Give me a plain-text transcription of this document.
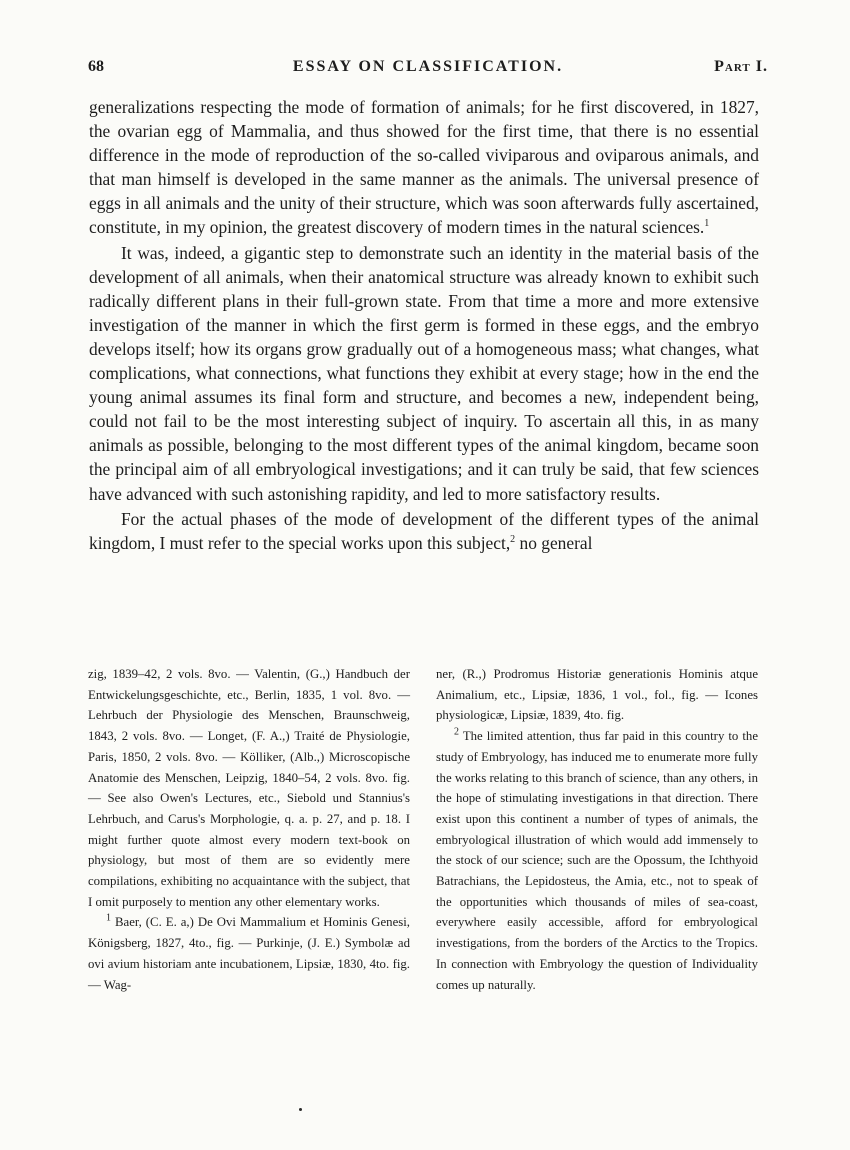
68	ESSAY ON CLASSIFICATION.	Part I.

generalizations respecting the mode of formation of animals; for he first discovered, in 1827, the ovarian egg of Mammalia, and thus showed for the first time, that there is no essential difference in the mode of reproduction of the so-called viviparous and oviparous animals, and that man himself is developed in the same manner as the animals. The universal presence of eggs in all animals and the unity of their structure, which was soon afterwards fully ascertained, constitute, in my opinion, the greatest discovery of modern times in the natural sciences.$^1$

It was, indeed, a gigantic step to demonstrate such an identity in the material basis of the development of all animals, when their anatomical structure was already known to exhibit such radically different plans in their full-grown state. From that time a more and more extensive investigation of the manner in which the first germ is formed in these eggs, and the embryo develops itself; how its organs grow gradually out of a homogeneous mass; what changes, what complications, what connections, what functions they exhibit at every stage; how in the end the young animal assumes its final form and structure, and becomes a new, independent being, could not fail to be the most interesting subject of inquiry. To ascertain all this, in as many animals as possible, belonging to the most different types of the animal kingdom, became soon the principal aim of all embryological investigations; and it can truly be said, that few sciences have advanced with such astonishing rapidity, and led to more satisfactory results.

For the actual phases of the mode of development of the different types of the animal kingdom, I must refer to the special works upon this subject,$^2$ no general

zig, 1839–42, 2 vols. 8vo. — Valentin, (G.,) Handbuch der Entwickelungsgeschichte, etc., Berlin, 1835, 1 vol. 8vo. — Lehrbuch der Physiologie des Menschen, Braunschweig, 1843, 2 vols. 8vo. — Longet, (F. A.,) Traité de Physiologie, Paris, 1850, 2 vols. 8vo. — Kölliker, (Alb.,) Microscopische Anatomie des Menschen, Leipzig, 1840–54, 2 vols. 8vo. fig. — See also Owen's Lectures, etc., Siebold und Stannius's Lehrbuch, and Carus's Morphologie, q. a. p. 27, and p. 18. I might further quote almost every modern text-book on physiology, but most of them are so evidently mere compilations, exhibiting no acquaintance with the subject, that I omit purposely to mention any other elementary works.

$^1$ Baer, (C. E. a,) De Ovi Mammalium et Hominis Genesi, Königsberg, 1827, 4to., fig. — Purkinje, (J. E.) Symbolæ ad ovi avium historiam ante incubationem, Lipsiæ, 1830, 4to. fig. — Wag-

ner, (R.,) Prodromus Historiæ generationis Hominis atque Animalium, etc., Lipsiæ, 1836, 1 vol., fol., fig. — Icones physiologicæ, Lipsiæ, 1839, 4to. fig.

$^2$ The limited attention, thus far paid in this country to the study of Embryology, has induced me to enumerate more fully the works relating to this branch of science, than any others, in the hope of stimulating investigations in that direction. There exist upon this continent a number of types of animals, the embryological illustration of which would add immensely to the stock of our science; such are the Opossum, the Ichthyoid Batrachians, the Lepidosteus, the Amia, etc., not to speak of the opportunities which thousands of miles of sea-coast, everywhere easily accessible, afford for embryological investigations, from the borders of the Arctics to the Tropics. In connection with Embryology the question of Individuality comes up naturally.
